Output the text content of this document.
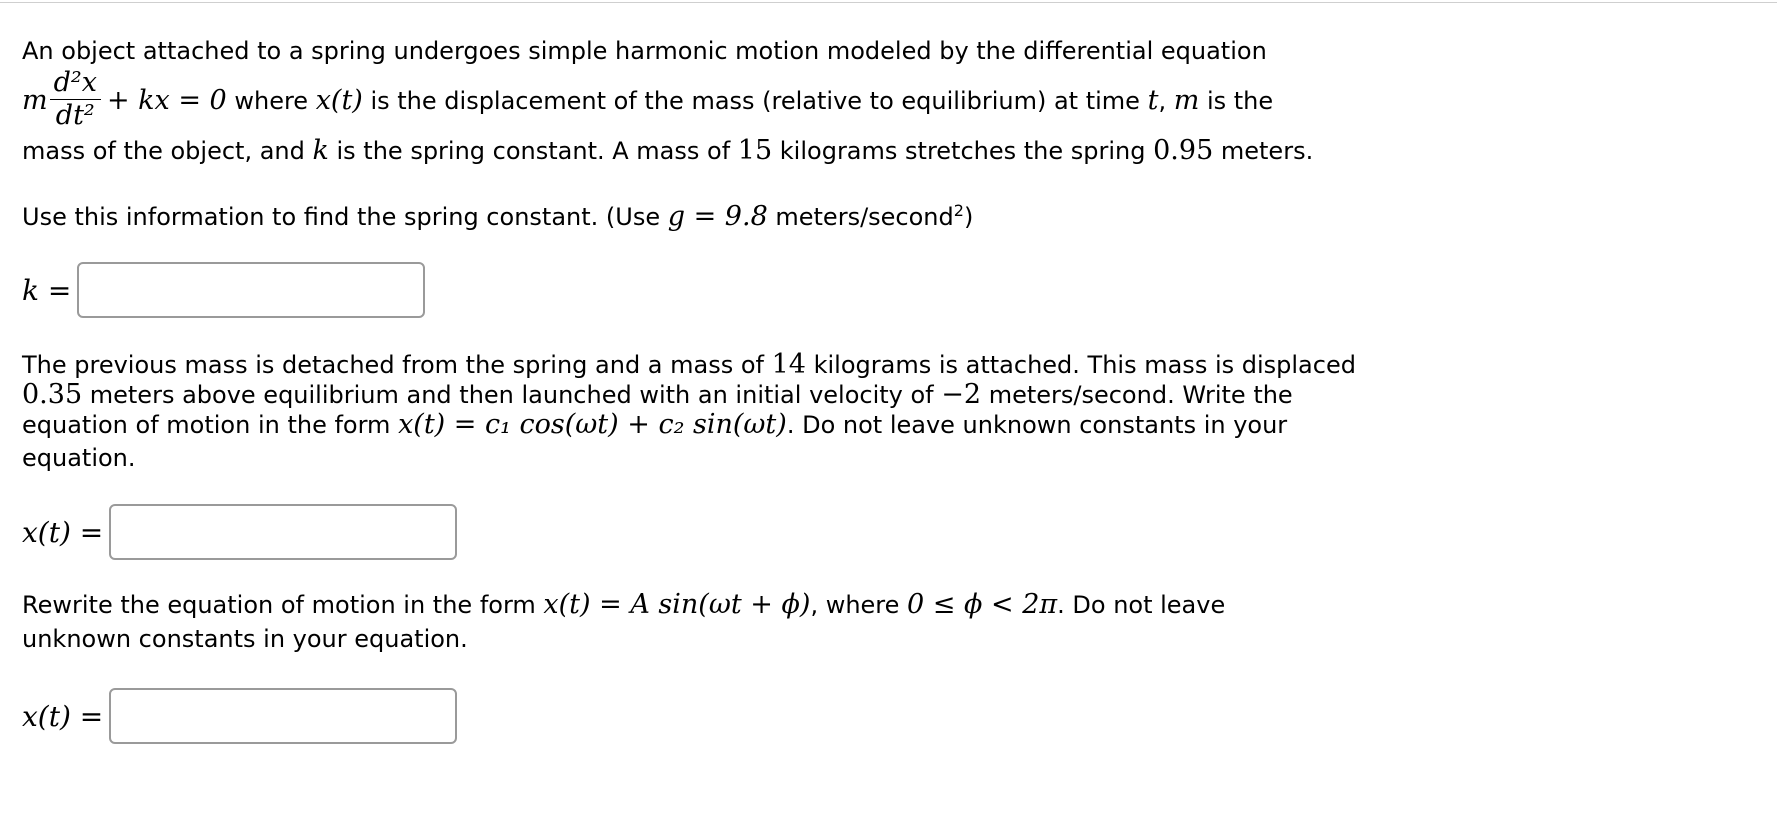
An object attached to a spring undergoes simple harmonic motion modeled by the differential equation
m $\frac{\text{d²x}}{\text{dt²}}$ + kx = 0 where x(t) is the displacement of the mass (relative to equilibrium) at time t , m is the
mass of the object, and k is the spring constant. A mass of 15 kilograms stretches the spring 0.95 meters.
Use this information to find the spring constant. (Use g = 9.8 meters/second$^2$)
k =
The previous mass is detached from the spring and a mass of 14 kilograms is attached. This mass is displaced
0.35 meters above equilibrium and then launched with an initial velocity of −2 meters/second. Write the
equation of motion in the form x(t) = c₁ cos(ωt) + c₂ sin(ωt). Do not leave unknown constants in your
equation.
x(t) =
Rewrite the equation of motion in the form x(t) = A sin(ωt + ϕ), where 0 ≤ ϕ < 2π. Do not leave
unknown constants in your equation.
x(t) =
